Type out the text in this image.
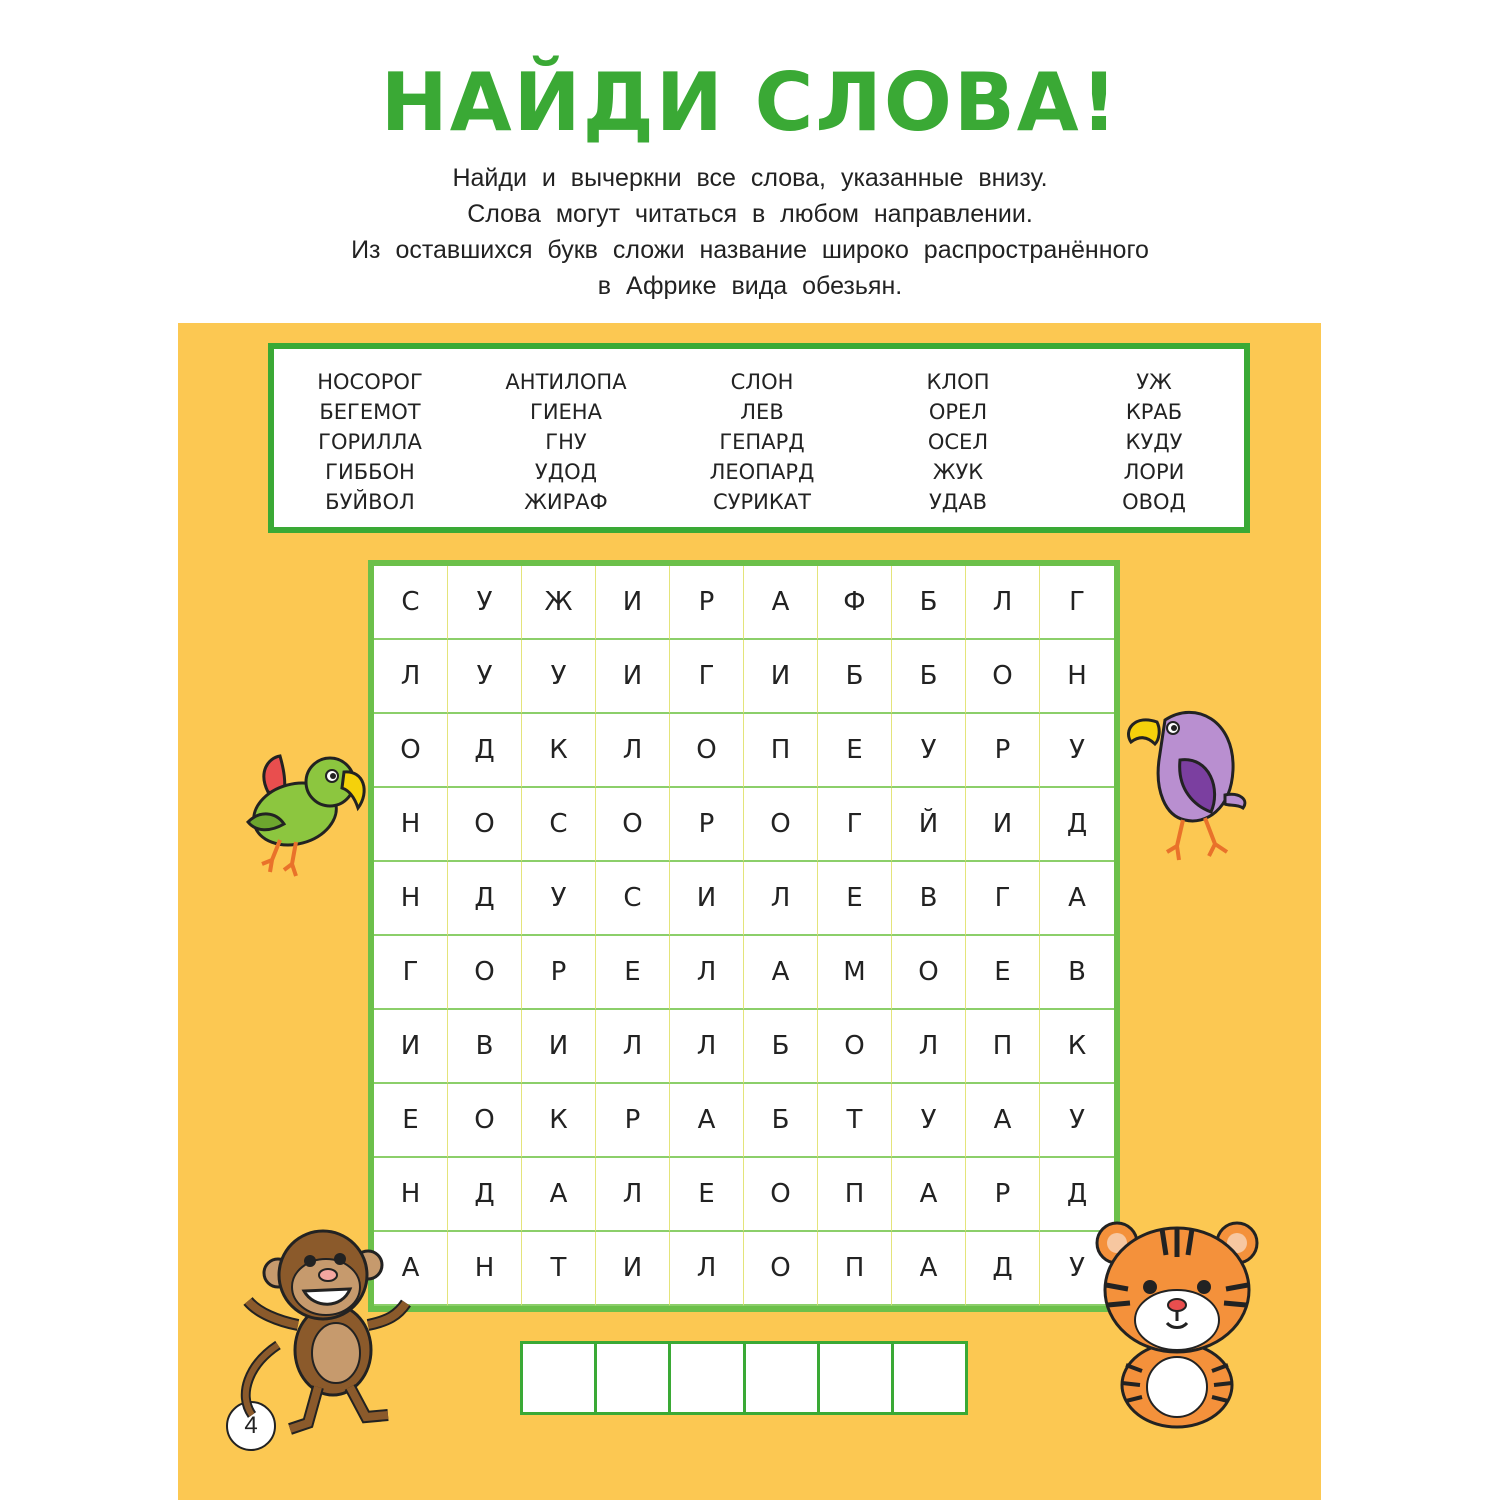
НАЙДИ СЛОВА!
Найди и вычеркни все слова, указанные внизу.
Слова могут читаться в любом направлении.
Из оставшихся букв сложи название широко распространённого
в Африке вида обезьян.
НОСОРОГ
БЕГЕМОТ
ГОРИЛЛА
ГИББОН
БУЙВОЛ
АНТИЛОПА
ГИЕНА
ГНУ
УДОД
ЖИРАФ
СЛОН
ЛЕВ
ГЕПАРД
ЛЕОПАРД
СУРИКАТ
КЛОП
ОРЕЛ
ОСЕЛ
ЖУК
УДАВ
УЖ
КРАБ
КУДУ
ЛОРИ
ОВОД
С	У	Ж	И	Р	А	Ф	Б	Л	Г
Л	У	У	И	Г	И	Б	Б	О	Н
О	Д	К	Л	О	П	Е	У	Р	У
Н	О	С	О	Р	О	Г	Й	И	Д
Н	Д	У	С	И	Л	Е	В	Г	А
Г	О	Р	Е	Л	А	М	О	Е	В
И	В	И	Л	Л	Б	О	Л	П	К
Е	О	К	Р	А	Б	Т	У	А	У
Н	Д	А	Л	Е	О	П	А	Р	Д
А	Н	Т	И	Л	О	П	А	Д	У
4
